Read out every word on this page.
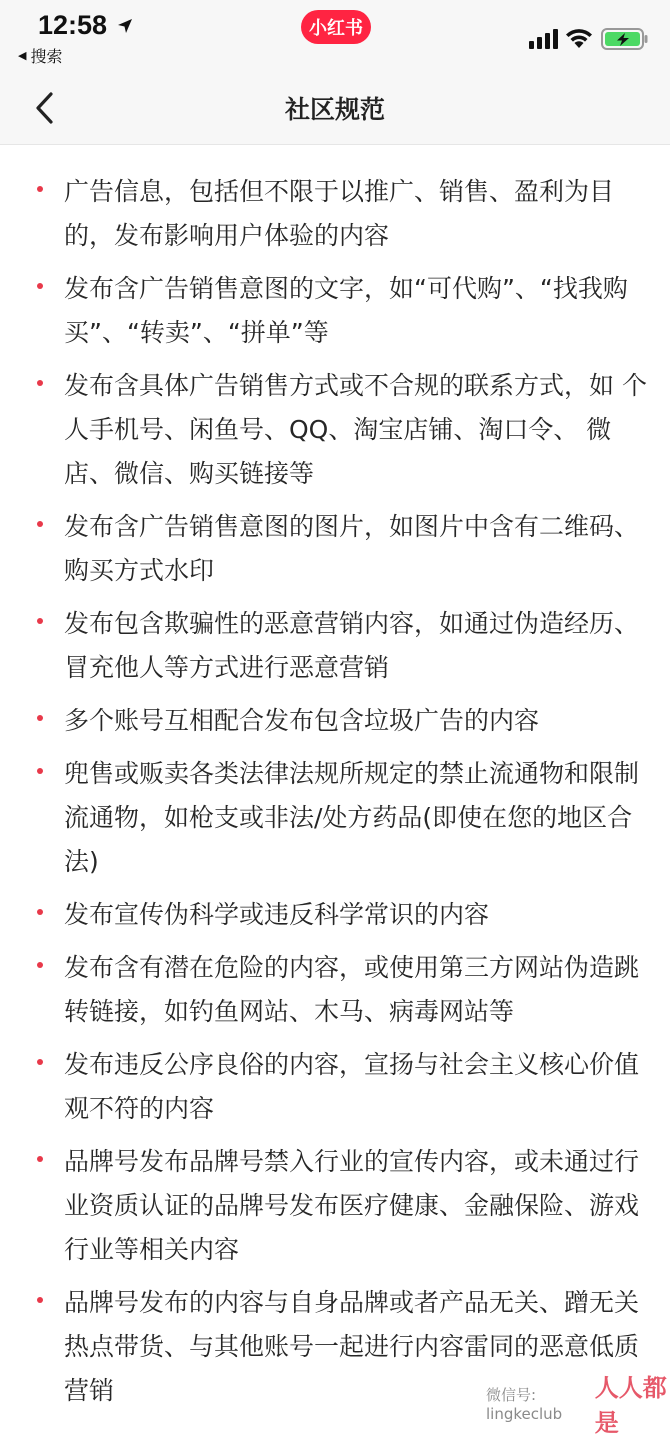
12:58
◀ 搜索
小红书
社区规范
广告信息，包括但不限于以推广、销售、盈利为目的，发布影响用户体验的内容
发布含广告销售意图的文字，如“可代购”、“找我购买”、“转卖”、“拼单”等
发布含具体广告销售方式或不合规的联系方式，如 个人手机号、闲鱼号、QQ、淘宝店铺、淘口令、 微店、微信、购买链接等
发布含广告销售意图的图片，如图片中含有二维码、购买方式水印
发布包含欺骗性的恶意营销内容，如通过伪造经历、冒充他人等方式进行恶意营销
多个账号互相配合发布包含垃圾广告的内容
兜售或贩卖各类法律法规所规定的禁止流通物和限制流通物，如枪支或非法/处方药品(即使在您的地区合法)
发布宣传伪科学或违反科学常识的内容
发布含有潜在危险的内容，或使用第三方网站伪造跳转链接，如钓鱼网站、木马、病毒网站等
发布违反公序良俗的内容，宣扬与社会主义核心价值观不符的内容
品牌号发布品牌号禁入行业的宣传内容，或未通过行业资质认证的品牌号发布医疗健康、金融保险、游戏行业等相关内容
品牌号发布的内容与自身品牌或者产品无关、蹭无关热点带货、与其他账号一起进行内容雷同的恶意低质营销	微信号: lingkeclub
人人都是
